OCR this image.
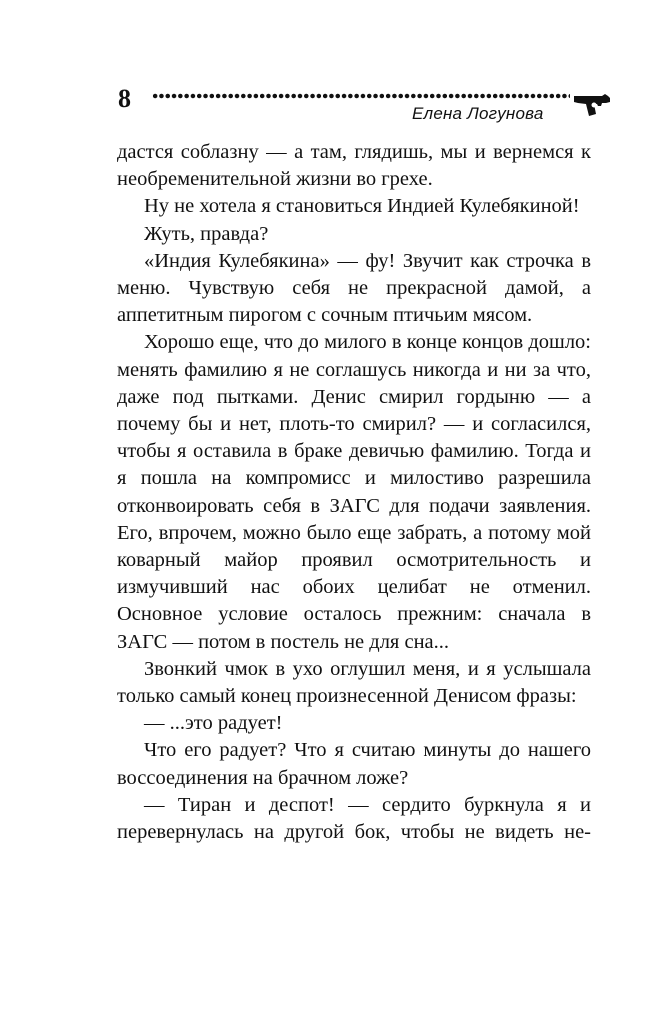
8
Елена Логунова

дастся соблазну — а там, глядишь, мы и вернемся к необременительной жизни во грехе.

Ну не хотела я становиться Индией Кулебякиной!

Жуть, правда?

«Индия Кулебякина» — фу! Звучит как строчка в меню. Чувствую себя не прекрасной дамой, а аппетитным пирогом с сочным птичьим мясом.

Хорошо еще, что до милого в конце концов дошло: менять фамилию я не соглашусь никогда и ни за что, даже под пытками. Денис смирил гордыню — а почему бы и нет, плоть-то смирил? — и согласился, чтобы я оставила в браке девичью фамилию. Тогда и я пошла на компромисс и милостиво разрешила отконвоировать себя в ЗАГС для подачи заявления. Его, впрочем, можно было еще забрать, а потому мой коварный майор проявил осмотрительность и измучивший нас обоих целибат не отменил. Основное условие осталось прежним: сначала в ЗАГС — потом в постель не для сна...

Звонкий чмок в ухо оглушил меня, и я услышала только самый конец произнесенной Денисом фразы:

— ...это радует!

Что его радует? Что я считаю минуты до нашего воссоединения на брачном ложе?

— Тиран и деспот! — сердито буркнула я и перевернулась на другой бок, чтобы не видеть не-
